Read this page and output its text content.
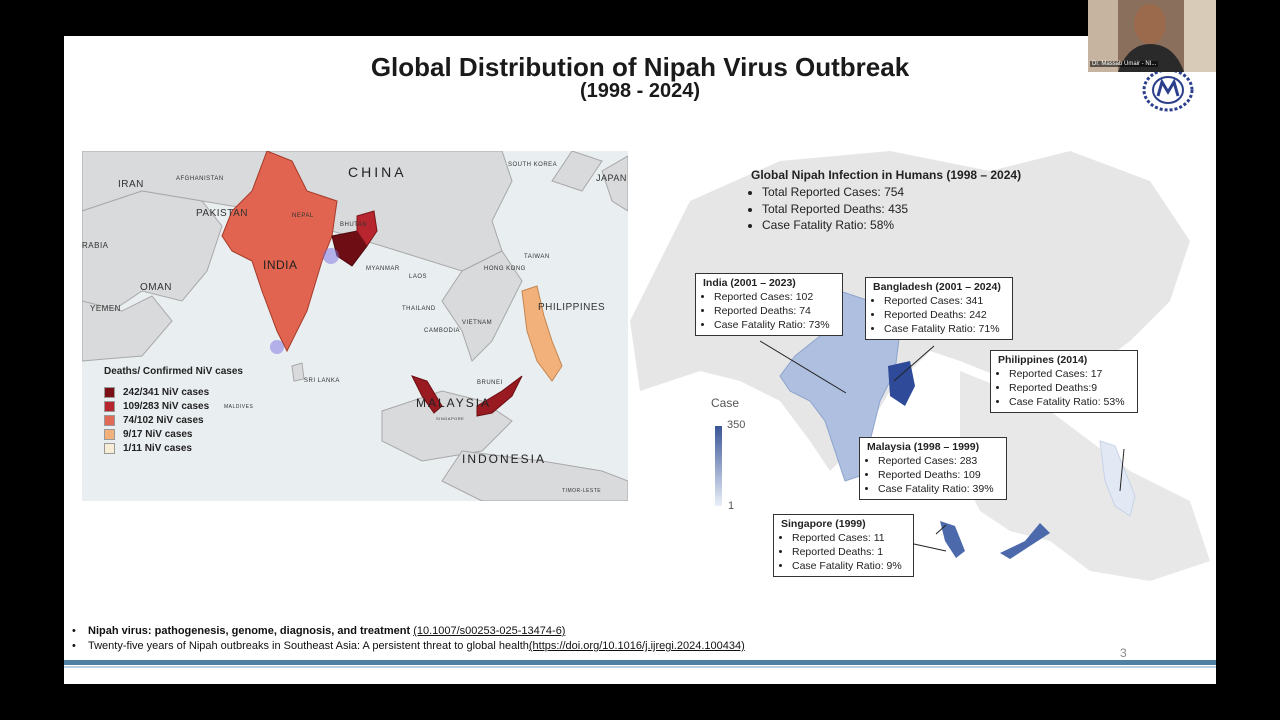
Global Distribution of Nipah Virus Outbreak
(1998 - 2024)
CHINA
INDIA
MALAYSIA
INDONESIA
IRAN	AFGHANISTAN
PAKISTAN	NEPAL
BHUTAN
RABIA
OMAN
YEMEN
SRI LANKA
MALDIVES
MYANMAR
LAOS
THAILAND
CAMBODIA
VIETNAM
TAIWAN
HONG KONG
SOUTH KOREA
JAPAN
PHILIPPINES
BRUNEI
SINGAPORE
TIMOR-LESTE
Deaths/ Confirmed NiV cases
242/341 NiV cases
109/283 NiV cases
74/102 NiV cases
9/17 NiV cases
1/11 NiV cases
Global Nipah Infection in Humans (1998 – 2024)
• Total Reported Cases: 754
• Total Reported Deaths: 435
• Case Fatality Ratio: 58%
Case
350
1
India (2001 – 2023)
• Reported Cases: 102
• Reported Deaths: 74
• Case Fatality Ratio: 73%
Bangladesh (2001 – 2024)
• Reported Cases: 341
• Reported Deaths: 242
• Case Fatality Ratio: 71%
Philippines (2014)
• Reported Cases: 17
• Reported Deaths:9
• Case Fatality Ratio: 53%
Malaysia (1998 – 1999)
• Reported Cases: 283
• Reported Deaths: 109
• Case Fatality Ratio: 39%
Singapore (1999)
• Reported Cases: 11
• Reported Deaths: 1
• Case Fatality Ratio: 9%
• Nipah virus: pathogenesis, genome, diagnosis, and treatment (10.1007/s00253-025-13474-6)
• Twenty-five years of Nipah outbreaks in Southeast Asia: A persistent threat to global health(https://doi.org/10.1016/j.ijregi.2024.100434)	3
Dr. Massab Umair - NI...
